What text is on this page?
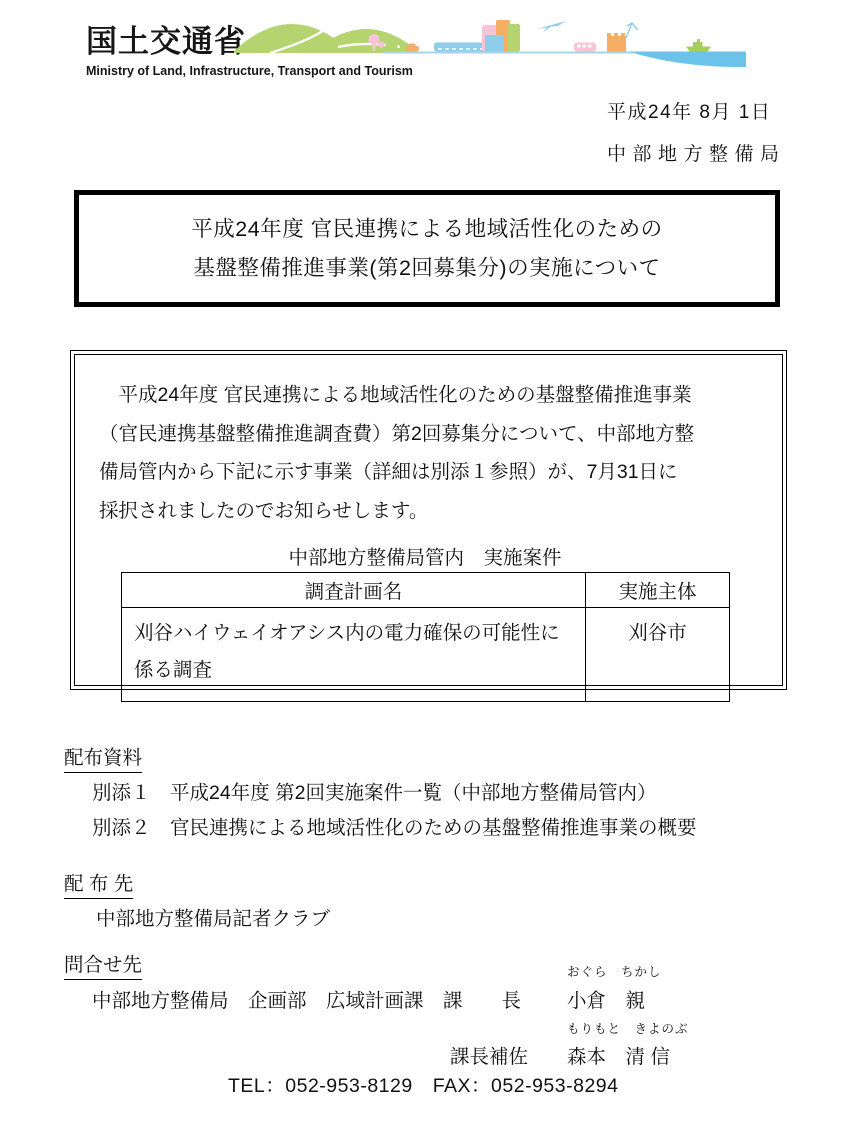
国土交通省
Ministry of Land, Infrastructure, Transport and Tourism
平成24年 8月 1日
中部地方整備局
平成24年度 官民連携による地域活性化のための
基盤整備推進事業(第2回募集分)の実施について
　平成24年度 官民連携による地域活性化のための基盤整備推進事業
（官民連携基盤整備推進調査費）第2回募集分について、中部地方整
備局管内から下記に示す事業（詳細は別添１参照）が、7月31日に
採択されましたのでお知らせします。
中部地方整備局管内　実施案件
調査計画名	実施主体
刈谷ハイウェイオアシス内の電力確保の可能性に係る調査	刈谷市
配布資料
別添１　平成24年度 第2回実施案件一覧（中部地方整備局管内）
別添２　官民連携による地域活性化のための基盤整備推進事業の概要
配 布 先
中部地方整備局記者クラブ
問合せ先
中部地方整備局　企画部　広域計画課　課　　長
おぐら　ちかし
小倉　親
課長補佐
もりもと　きよのぶ
森本　清 信
TEL：052-953-8129　FAX：052-953-8294
